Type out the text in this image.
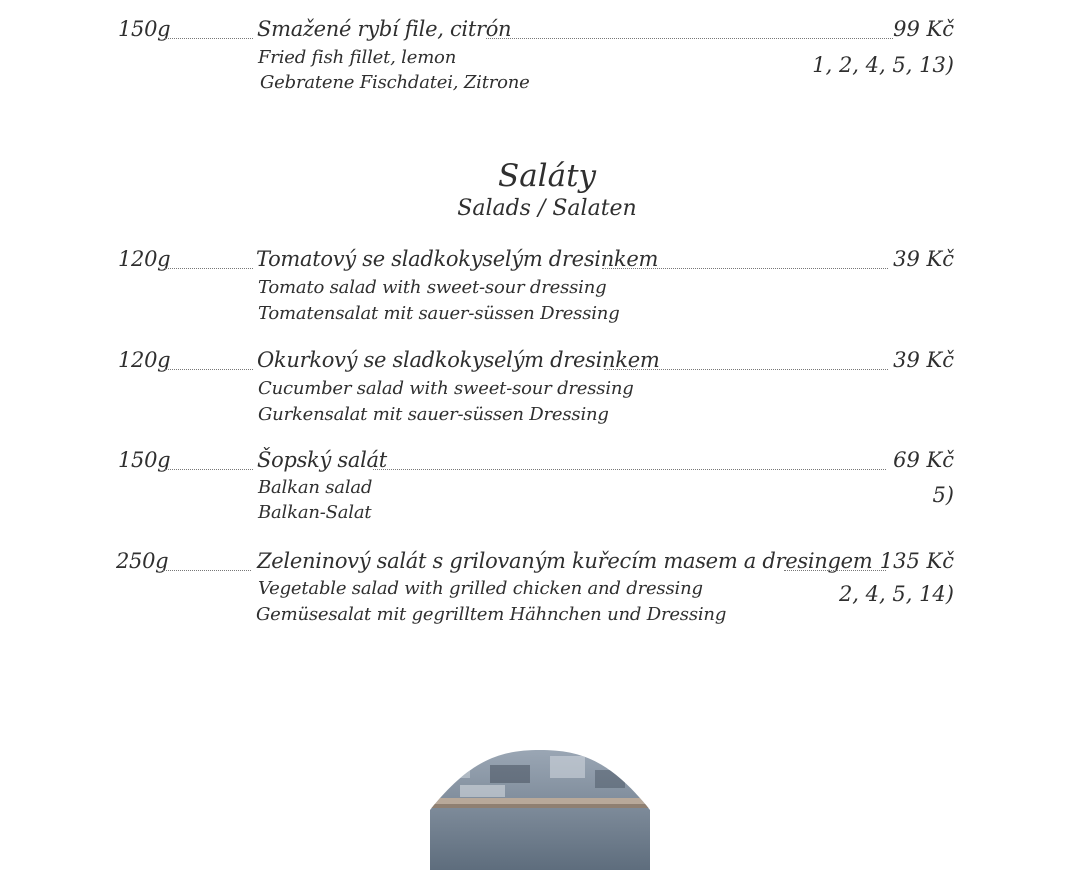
150g	Smažené rybí file, citrón	99 Kč
Fried fish fillet, lemon	1, 2, 4, 5, 13)
Gebratene Fischdatei, Zitrone
Saláty
Salads / Salaten
120g	Tomatový se sladkokyselým dresinkem	39 Kč
Tomato salad with sweet-sour dressing
Tomatensalat mit sauer-süssen Dressing
120g	Okurkový se sladkokyselým dresinkem	39 Kč
Cucumber salad with sweet-sour dressing
Gurkensalat mit sauer-süssen Dressing
150g	Šopský salát	69 Kč
Balkan salad	5)
Balkan-Salat
250g	Zeleninový salát s grilovaným kuřecím masem a dresingem 135 Kč
Vegetable salad with grilled chicken and dressing	2, 4, 5, 14)
Gemüsesalat mit gegrilltem Hähnchen und Dressing
